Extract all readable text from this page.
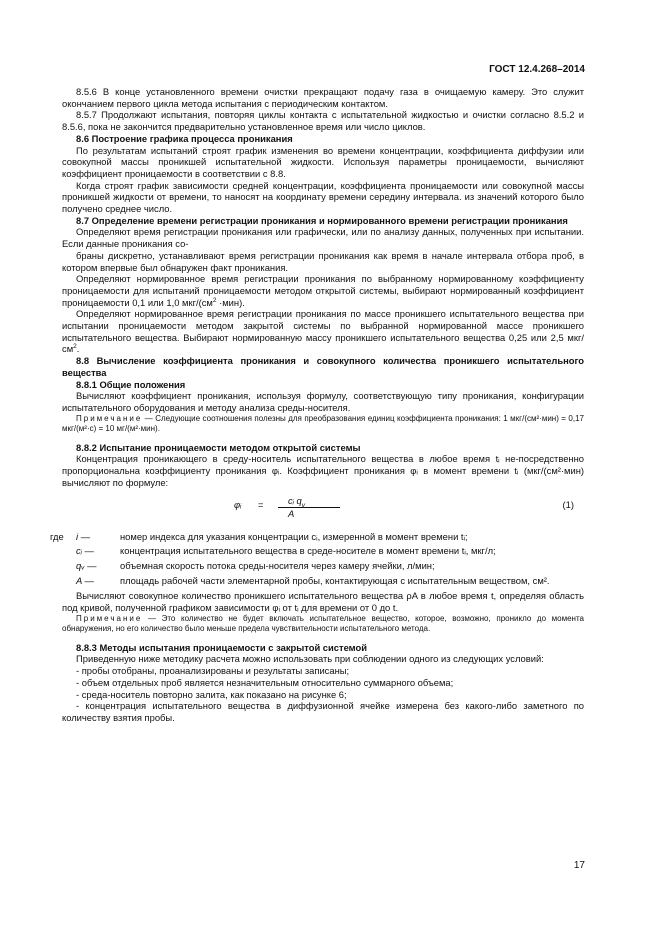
ГОСТ 12.4.268–2014

8.5.6 В конце установленного времени очистки прекращают подачу газа в очищаемую камеру. Это служит окончанием первого цикла метода испытания с периодическим контактом.

8.5.7 Продолжают испытания, повторяя циклы контакта с испытательной жидкостью и очистки согласно 8.5.2 и 8.5.6, пока не закончится предварительно установленное время или число циклов.

8.6 Построение графика процесса проникания

По результатам испытаний строят график изменения во времени концентрации, коэффициента диффузии или совокупной массы проникшей испытательной жидкости. Используя параметры проницаемости, вычисляют коэффициент проницаемости в соответствии с 8.8.

Когда строят график зависимости средней концентрации, коэффициента проницаемости или совокупной массы проникшей жидкости от времени, то наносят на координату времени середину интервала. из значений которого было получено среднее число.

8.7 Определение времени регистрации проникания и нормированного времени регистрации проникания

Определяют время регистрации проникания или графически, или по анализу данных, полученных при испытании. Если данные проникания со-

браны дискретно, устанавливают время регистрации проникания как время в начале интервала отбора проб, в котором впервые был обнаружен факт проникания.

Определяют нормированное время регистрации проникания по выбранному нормированному коэффициенту проницаемости для испытаний проницаемости методом открытой системы, выбирают нормированный коэффициент проницаемости 0,1 или 1,0 мкг/$(см^2 \cdot мин)$.

Определяют нормированное время регистрации проникания по массе проникшего испытательного вещества при испытании проницаемости методом закрытой системы по выбранной нормированной массе проникшего испытательного вещества. Выбирают нормированную массу проникшего испытательного вещества 0,25 или 2,5 мкг/$см^2$.

8.8 Вычисление коэффициента проникания и совокупного количества проникшего испытательного вещества

8.8.1 Общие положения

Вычисляют коэффициент проникания, используя формулу, соответствующую типу проникания, конфигурации испытательного оборудования и методу анализа среды-носителя.

Примечание — Следующие соотношения полезны для преобразования единиц коэффициента проникания: 1 мкг/(см²·мин) = 0,17 мкг/(м²·с) = 10 мг/(м²·мин).

8.8.2 Испытание проницаемости методом открытой системы

Концентрация проникающего в среду-носитель испытательного вещества в любое время tᵢ не-посредственно пропорциональна коэффициенту проникания φᵢ. Коэффициент проникания φᵢ в момент времени tᵢ (мкг/(см²·мин) вычисляют по формуле:

φᵢ =	cᵢ $q_v$
A
(1)
где	i —	номер индекса для указания концентрации cᵢ, измеренной в момент времени tᵢ;
cᵢ —	концентрация испытательного вещества в среде-носителе в момент времени tᵢ, мкг/л;
qᵥ —	объемная скорость потока среды-носителя через камеру ячейки, л/мин;
A —	площадь рабочей части элементарной пробы, контактирующая с испытательным веществом, см².

Вычисляют совокупное количество проникшего испытательного вещества ρA в любое время t, определяя область под кривой, полученной графиком зависимости φᵢ от tᵢ для времени от 0 до t.

Примечание — Это количество не будет включать испытательное вещество, которое, возможно, проникло до момента обнаружения, но его количество было меньше предела чувствительности испытательного метода.

8.8.3 Методы испытания проницаемости с закрытой системой

Приведенную ниже методику расчета можно использовать при соблюдении одного из следующих условий:

- пробы отобраны, проанализированы и результаты записаны;

- объем отдельных проб является незначительным относительно суммарного объема;

- среда-носитель повторно залита, как показано на рисунке 6;

- концентрация испытательного вещества в диффузионной ячейке измерена без какого-либо заметного по количеству взятия пробы.

17
